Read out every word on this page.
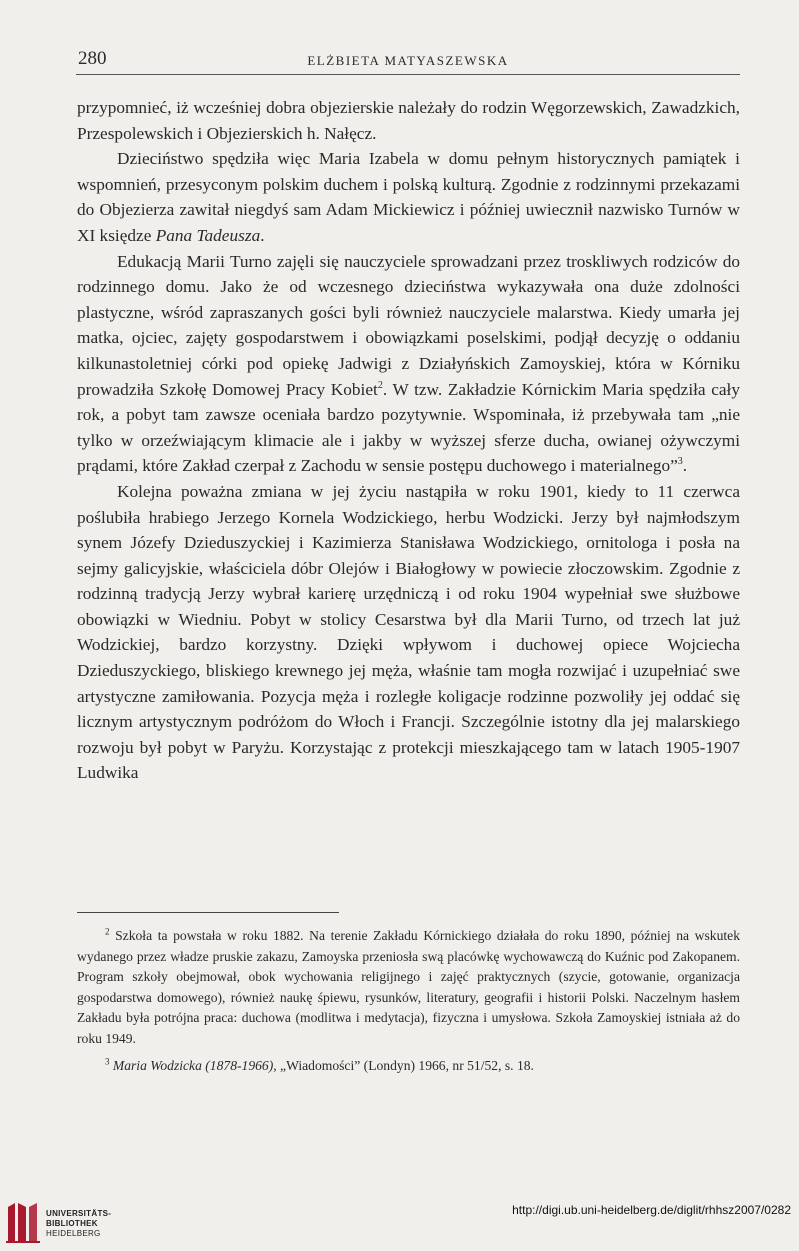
280	ELŻBIETA MATYASZEWSKA

przypomnieć, iż wcześniej dobra objezierskie należały do rodzin Węgorzewskich, Zawadzkich, Przespolewskich i Objezierskich h. Nałęcz.

Dzieciństwo spędziła więc Maria Izabela w domu pełnym historycznych pamiątek i wspomnień, przesyconym polskim duchem i polską kulturą. Zgodnie z rodzinnymi przekazami do Objezierza zawitał niegdyś sam Adam Mickiewicz i później uwiecznił nazwisko Turnów w XI księdze Pana Tadeusza.

Edukacją Marii Turno zajęli się nauczyciele sprowadzani przez troskliwych rodziców do rodzinnego domu. Jako że od wczesnego dzieciństwa wykazywała ona duże zdolności plastyczne, wśród zapraszanych gości byli również nauczyciele malarstwa. Kiedy umarła jej matka, ojciec, zajęty gospodarstwem i obowiązkami poselskimi, podjął decyzję o oddaniu kilkunastoletniej córki pod opiekę Jadwigi z Działyńskich Zamoyskiej, która w Kórniku prowadziła Szkołę Domowej Pracy Kobiet$^2$. W tzw. Zakładzie Kórnickim Maria spędziła cały rok, a pobyt tam zawsze oceniała bardzo pozytywnie. Wspominała, iż przebywała tam „nie tylko w orzeźwiającym klimacie ale i jakby w wyższej sferze ducha, owianej ożywczymi prądami, które Zakład czerpał z Zachodu w sensie postępu duchowego i materialnego”$^3$.

Kolejna poważna zmiana w jej życiu nastąpiła w roku 1901, kiedy to 11 czerwca poślubiła hrabiego Jerzego Kornela Wodzickiego, herbu Wodzicki. Jerzy był najmłodszym synem Józefy Dzieduszyckiej i Kazimierza Stanisława Wodzickiego, ornitologa i posła na sejmy galicyjskie, właściciela dóbr Olejów i Białogłowy w powiecie złoczowskim. Zgodnie z rodzinną tradycją Jerzy wybrał karierę urzędniczą i od roku 1904 wypełniał swe służbowe obowiązki w Wiedniu. Pobyt w stolicy Cesarstwa był dla Marii Turno, od trzech lat już Wodzickiej, bardzo korzystny. Dzięki wpływom i duchowej opiece Wojciecha Dzieduszyckiego, bliskiego krewnego jej męża, właśnie tam mogła rozwijać i uzupełniać swe artystyczne zamiłowania. Pozycja męża i rozległe koligacje rodzinne pozwoliły jej oddać się licznym artystycznym podróżom do Włoch i Francji. Szczególnie istotny dla jej malarskiego rozwoju był pobyt w Paryżu. Korzystając z protekcji mieszkającego tam w latach 1905-1907 Ludwika

$^2$ Szkoła ta powstała w roku 1882. Na terenie Zakładu Kórnickiego działała do roku 1890, później na wskutek wydanego przez władze pruskie zakazu, Zamoyska przeniosła swą placówkę wychowawczą do Kuźnic pod Zakopanem. Program szkoły obejmował, obok wychowania religijnego i zajęć praktycznych (szycie, gotowanie, organizacja gospodarstwa domowego), również naukę śpiewu, rysunków, literatury, geografii i historii Polski. Naczelnym hasłem Zakładu była potrójna praca: duchowa (modlitwa i medytacja), fizyczna i umysłowa. Szkoła Zamoyskiej istniała aż do roku 1949.

$^3$ Maria Wodzicka (1878-1966), „Wiadomości” (Londyn) 1966, nr 51/52, s. 18.

UNIVERSITÄTS-
BIBLIOTHEK
HEIDELBERG
http://digi.ub.uni-heidelberg.de/diglit/rhhsz2007/0282
